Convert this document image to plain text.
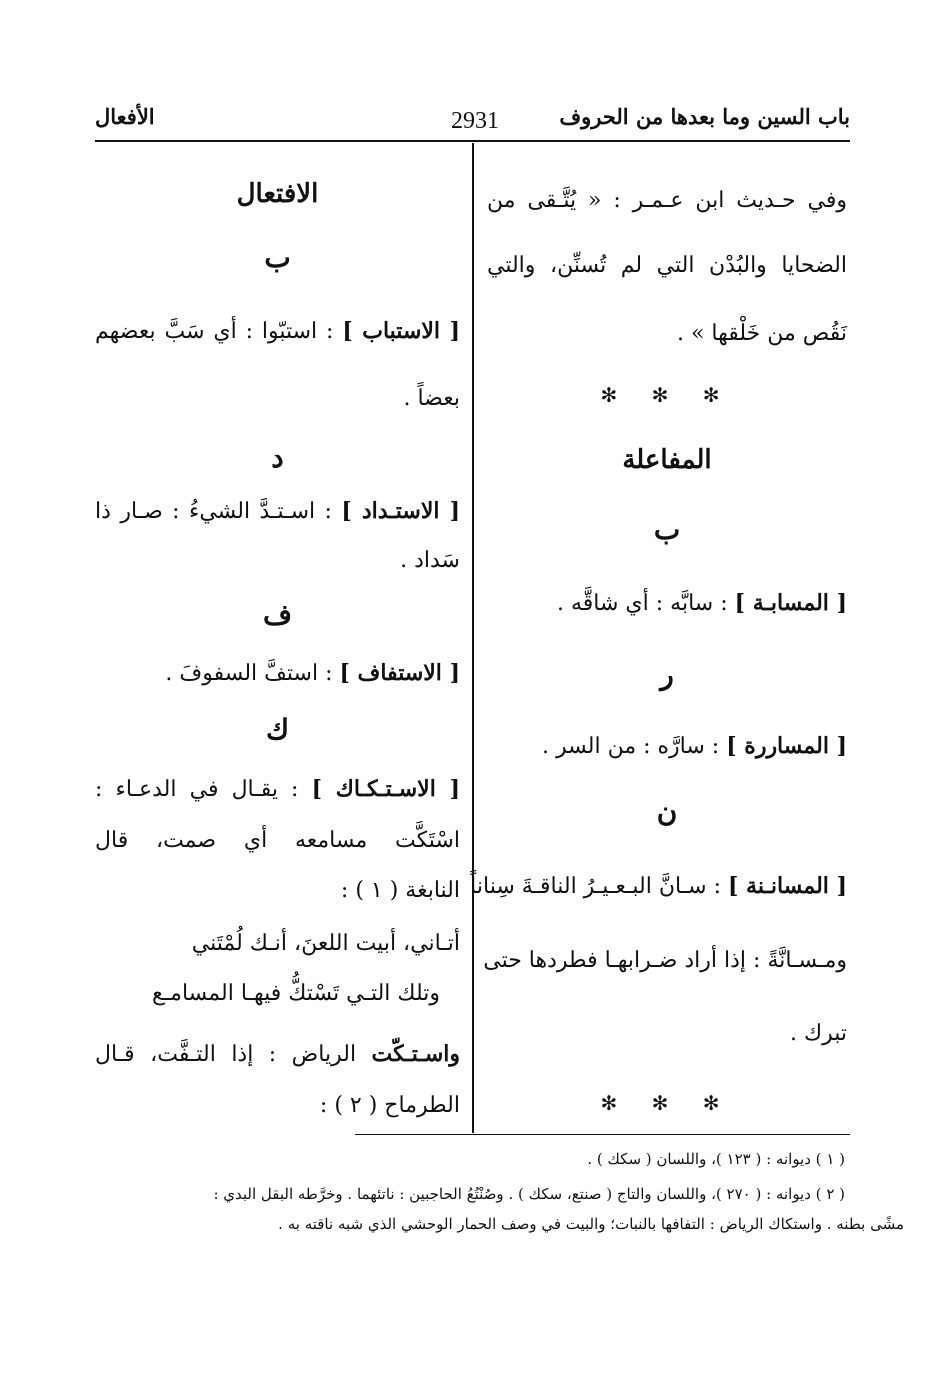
باب السين وما بعدها من الحروف
2931
الأفعال
وفي حـديث ابن عـمـر : « يُتَّـقى من
الضحايا والبُدْن التي لم تُسنِّن، والتي
نَقُص من خَلْقها » .
✻ ✻ ✻
المفاعلة
ب
[ المسابـة ] : سابَّه : أي شاقَّه .
ر
[ المساررة ] : سارَّه : من السر .
ن
[ المسانـنة ] : سـانَّ البـعـيـرُ الناقـةَ سِناناً
ومـسـانَّةً : إذا أراد ضـرابهـا فطردها حتى
تبرك .
✻ ✻ ✻
الافتعال
ب
[ الاستباب ] : استبّوا : أي سَبَّ بعضهم
بعضاً .
د
[ الاستـداد ] : اسـتـدَّ الشيءُ : صـار ذا
سَداد .
ف
[ الاستفاف ] : استفَّ السفوفَ .
ك
[ الاسـتـكـاك ] : يقـال في الدعـاء :
اسْتَكَّت مسامعه أي صمت، قال
النابغة ( ١ ) :
أتـاني، أبيت اللعنَ، أنـك لُمْتَني
وتلك التـي تَسْتكُّ فيهـا المسامـع
واسـتـكّت الرياض : إذا التـفَّت، قـال
الطرماح ( ٢ ) :
( ١ ) ديوانه : ( ١٢٣ )، واللسان ( سكك ) .
( ٢ ) ديوانه : ( ٢٧٠ )، واللسان والتاج ( صنتع، سكك ) . وصُنْتُعُ الحاجبين : ناتئهما . وخرَّطه البقل البدي :
مشًى بطنه . واستكاك الرياض : التفافها بالنبات؛ والبيت في وصف الحمار الوحشي الذي شبه ناقته به .
